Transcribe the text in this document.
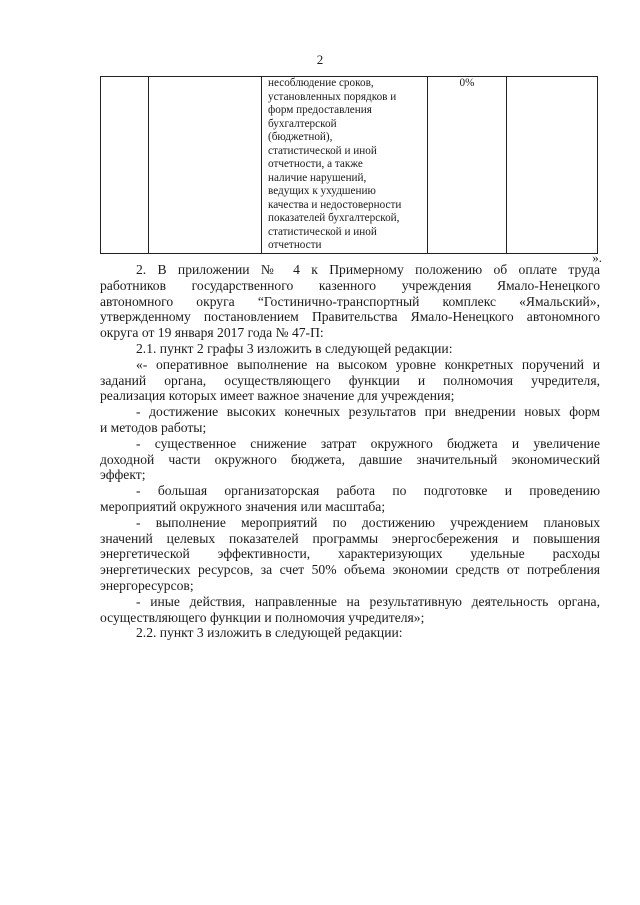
2

несоблюдение сроков,
установленных порядков и
форм предоставления
бухгалтерской
(бюджетной),
статистической и иной
отчетности, а также
наличие нарушений,
ведущих к ухудшению
качества и недостоверности
показателей бухгалтерской,
статистической и иной
отчетности
	0%	
».
2. В приложении № 4 к Примерному положению об оплате труда
работников государственного казенного учреждения Ямало-Ненецкого
автономного округа “Гостинично-транспортный комплекс «Ямальский»,
утвержденному постановлением Правительства Ямало-Ненецкого автономного
округа от 19 января 2017 года № 47-П:
2.1. пункт 2 графы 3 изложить в следующей редакции:
«- оперативное выполнение на высоком уровне конкретных поручений и
заданий органа, осуществляющего функции и полномочия учредителя,
реализация которых имеет важное значение для учреждения;
- достижение высоких конечных результатов при внедрении новых форм
и методов работы;
- существенное снижение затрат окружного бюджета и увеличение
доходной части окружного бюджета, давшие значительный экономический
эффект;
- большая организаторская работа по подготовке и проведению
мероприятий окружного значения или масштаба;
- выполнение мероприятий по достижению учреждением плановых
значений целевых показателей программы энергосбережения и повышения
энергетической эффективности, характеризующих удельные расходы
энергетических ресурсов, за счет 50% объема экономии средств от потребления
энергоресурсов;
- иные действия, направленные на результативную деятельность органа,
осуществляющего функции и полномочия учредителя»;
2.2. пункт 3 изложить в следующей редакции:
